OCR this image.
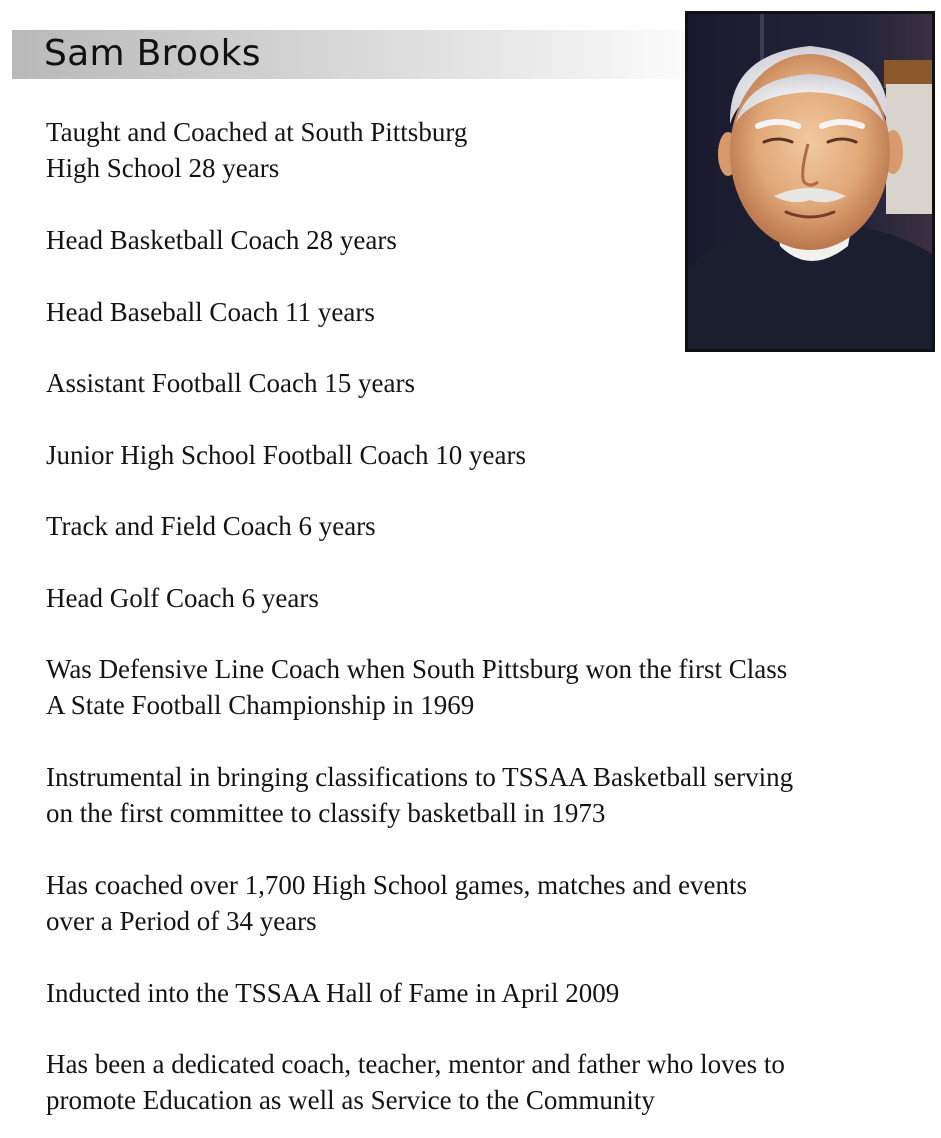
Sam Brooks
Taught and Coached at South Pittsburg
High School 28 years
Head Basketball Coach 28 years
Head Baseball Coach 11 years
Assistant Football Coach 15 years
Junior High School Football Coach 10 years
Track and Field Coach 6 years
Head Golf Coach 6 years
Was Defensive Line Coach when South Pittsburg won the first Class
A State Football Championship in 1969
Instrumental in bringing classifications to TSSAA Basketball serving
on the first committee to classify basketball in 1973
Has coached over 1,700 High School games, matches and events
over a Period of 34 years
Inducted into the TSSAA Hall of Fame in April 2009
Has been a dedicated coach, teacher, mentor and father who loves to
promote Education as well as Service to the Community
